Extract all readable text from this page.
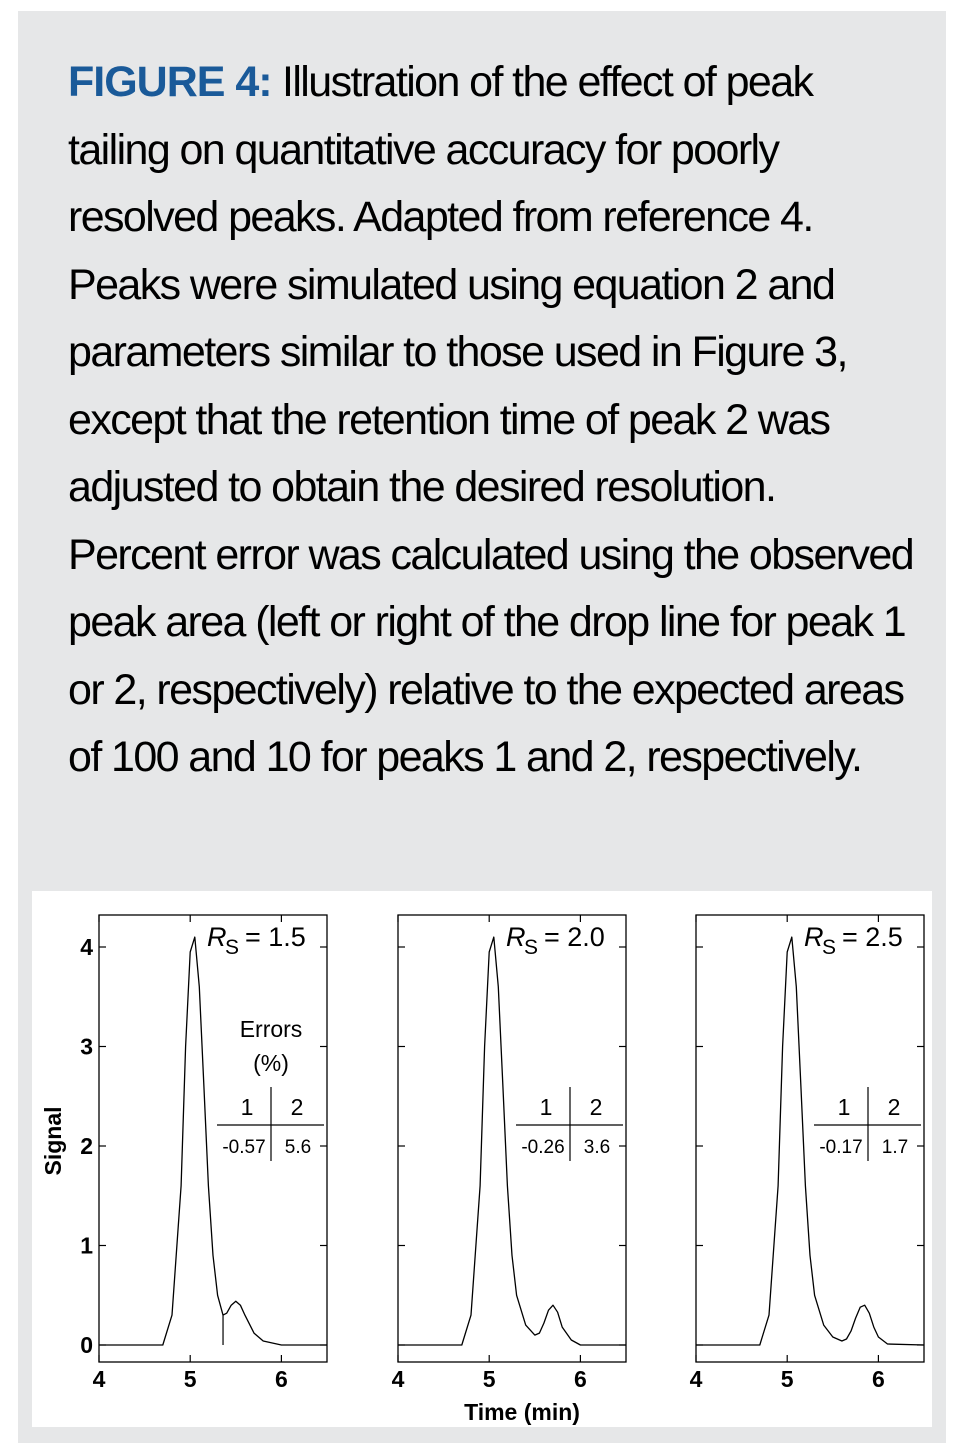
FIGURE 4: Illustration of the effect of peak tailing on quantitative accuracy for poorly resolved peaks. Adapted from reference 4. Peaks were simulated using equation 2 and parameters similar to those used in Figure 3, except that the retention time of peak 2 was adjusted to obtain the desired resolution. Percent error was calculated using the observed peak area (left or right of the drop line for peak 1 or 2, respectively) relative to the expected areas of 100 and 10 for peaks 1 and 2, respectively.
4	5	6
R
S = 1.5
Errors
(%)
1 2
-0.57 5.6
4	5	6
R
S = 2.0
1 2
-0.26 3.6
4	5	6
R
S = 2.5
1 2
-0.17 1.7
0
1
2
3
4
Signal
Time (min)
